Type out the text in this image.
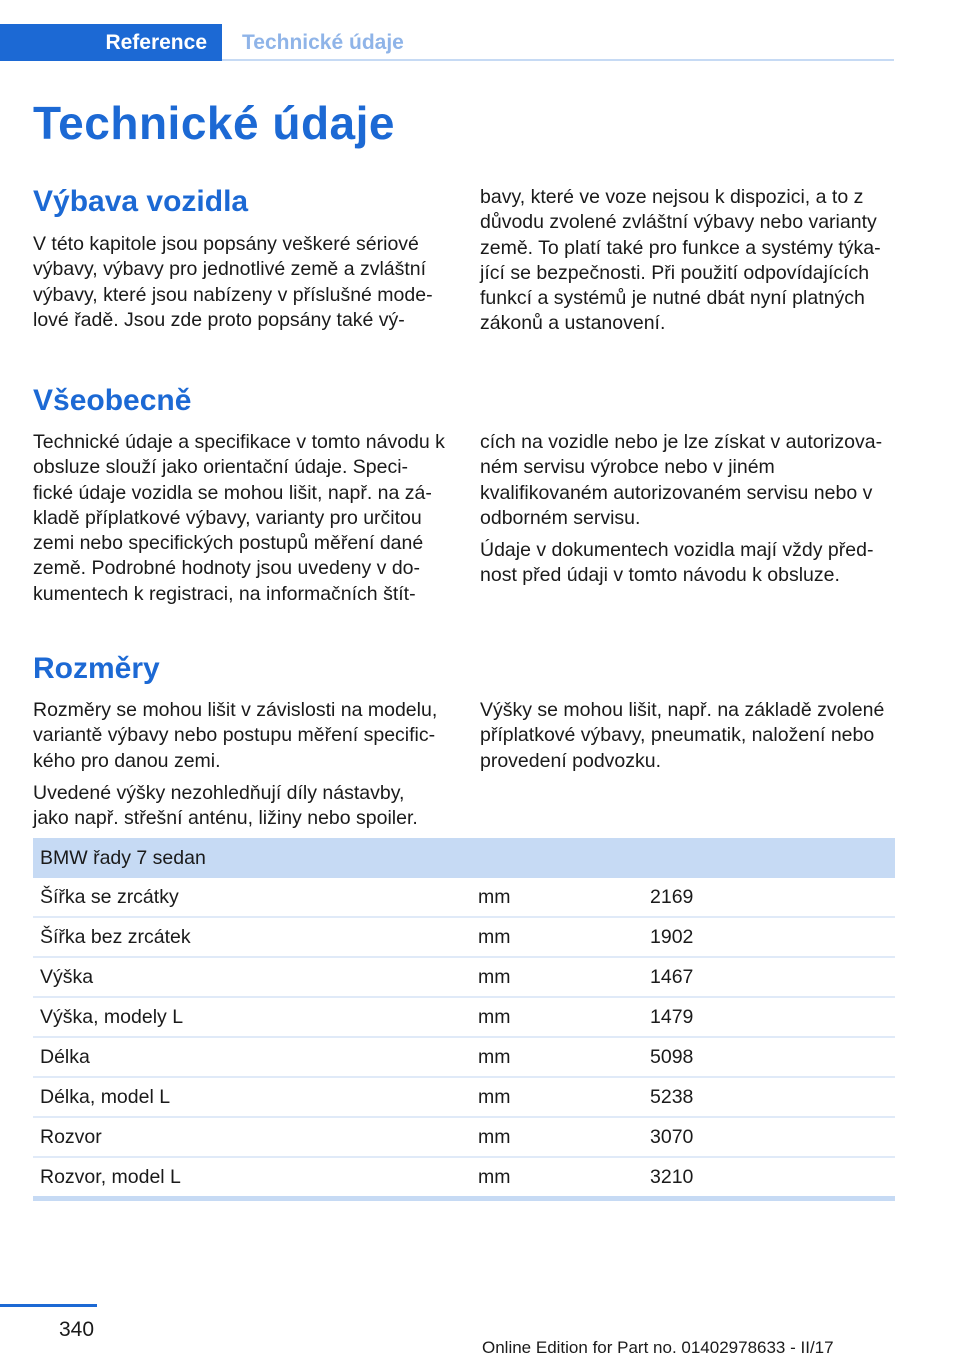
Reference	Technické údaje
Technické údaje
Výbava vozidla

V této kapitole jsou popsány veškeré sériové výbavy, výbavy pro jednotlivé země a zvláštní výbavy, které jsou nabízeny v příslušné modelové řadě. Jsou zde proto popsány také vý‐

bavy, které ve voze nejsou k dispozici, a to z důvodu zvolené zvláštní výbavy nebo varianty země. To platí také pro funkce a systémy týka‐jící se bezpečnosti. Při použití odpovídajících funkcí a systémů je nutné dbát nyní platných zákonů a ustanovení.

Všeobecně

Technické údaje a specifikace v tomto návodu k obsluze slouží jako orientační údaje. Speci‐fické údaje vozidla se mohou lišit, např. na zá‐kladě příplatkové výbavy, varianty pro určitou zemi nebo specifických postupů měření dané země. Podrobné hodnoty jsou uvedeny v do‐kumentech k registraci, na informačních štít‐

cích na vozidle nebo je lze získat v autorizova‐ném servisu výrobce nebo v jiném kvalifikovaném autorizovaném servisu nebo v odborném servisu.

Údaje v dokumentech vozidla mají vždy před‐nost před údaji v tomto návodu k obsluze.

Rozměry

Rozměry se mohou lišit v závislosti na modelu, variantě výbavy nebo postupu měření specific‐kého pro danou zemi.

Uvedené výšky nezohledňují díly nástavby, jako např. střešní anténu, ližiny nebo spoiler.

Výšky se mohou lišit, např. na základě zvolené příplatkové výbavy, pneumatik, naložení nebo provedení podvozku.

BMW řady 7 sedan		
Šířka se zrcátky	mm	2169
Šířka bez zrcátek	mm	1902
Výška	mm	1467
Výška, modely L	mm	1479
Délka	mm	5098
Délka, model L	mm	5238
Rozvor	mm	3070
Rozvor, model L	mm	3210
340
Online Edition for Part no. 01402978633 - II/17
